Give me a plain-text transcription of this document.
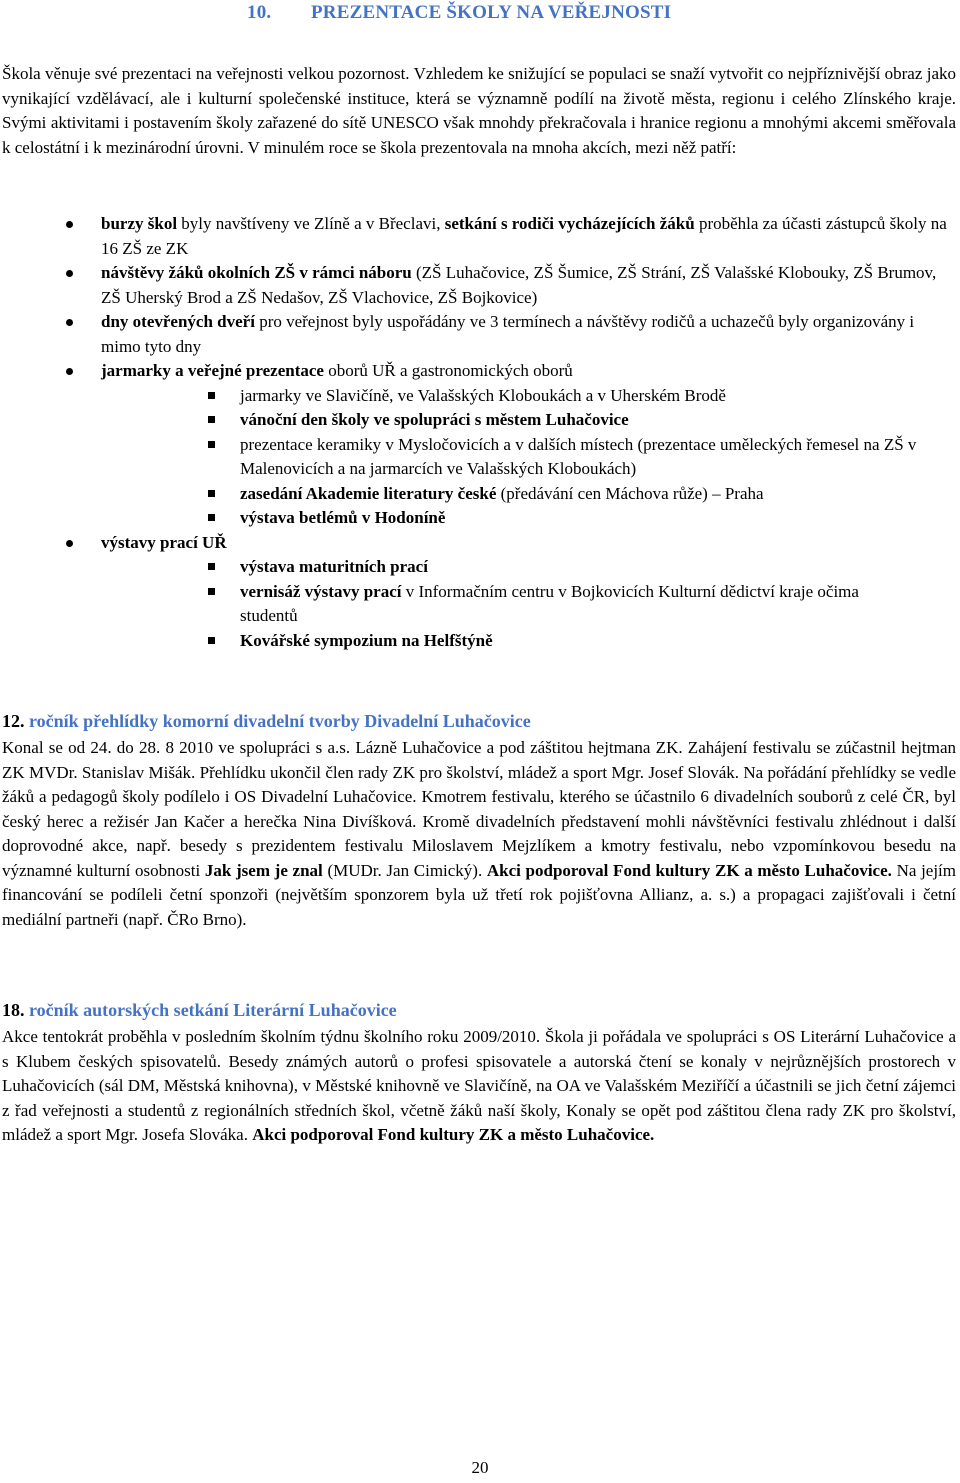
10. PREZENTACE ŠKOLY NA VEŘEJNOSTI
Škola věnuje své prezentaci na veřejnosti velkou pozornost. Vzhledem ke snižující se populaci se snaží vytvořit co nejpříznivější obraz jako vynikající vzdělávací, ale i kulturní společenské instituce, která se významně podílí na životě města, regionu i celého Zlínského kraje. Svými aktivitami i postavením školy zařazené do sítě UNESCO však mnohdy překračovala i hranice regionu a mnohými akcemi směřovala k celostátní i k mezinárodní úrovni. V minulém roce se škola prezentovala na mnoha akcích, mezi něž patří:
burzy škol byly navštíveny ve Zlíně a v Břeclavi, setkání s rodiči vycházejících žáků proběhla za účasti zástupců školy na 16 ZŠ ze ZK
návštěvy žáků okolních ZŠ v rámci náboru (ZŠ Luhačovice, ZŠ Šumice, ZŠ Strání, ZŠ Valašské Klobouky, ZŠ Brumov, ZŠ Uherský Brod a ZŠ Nedašov, ZŠ Vlachovice, ZŠ Bojkovice)
dny otevřených dveří pro veřejnost byly uspořádány ve 3 termínech a návštěvy rodičů a uchazečů byly organizovány i mimo tyto dny
jarmarky a veřejné prezentace oborů UŘ a gastronomických oborů
jarmarky ve Slavičíně, ve Valašských Kloboukách a v Uherském Brodě
vánoční den školy ve spolupráci s městem Luhačovice
prezentace keramiky v Mysločovicích a v dalších místech (prezentace uměleckých řemesel na ZŠ v Malenovicích a na jarmarcích ve Valašských Kloboukách)
zasedání Akademie literatury české (předávání cen Máchova růže) – Praha
výstava betlémů v Hodoníně
výstavy prací UŘ
výstava maturitních prací
vernisáž výstavy prací v Informačním centru v Bojkovicích Kulturní dědictví kraje očima studentů
Kovářské sympozium na Helfštýně
12. ročník přehlídky komorní divadelní tvorby Divadelní Luhačovice
Konal se od 24. do 28. 8 2010 ve spolupráci s a.s. Lázně Luhačovice a pod záštitou hejtmana ZK. Zahájení festivalu se zúčastnil hejtman ZK MVDr. Stanislav Mišák. Přehlídku ukončil člen rady ZK pro školství, mládež a sport Mgr. Josef Slovák. Na pořádání přehlídky se vedle žáků a pedagogů školy podílelo i OS Divadelní Luhačovice. Kmotrem festivalu, kterého se účastnilo 6 divadelních souborů z celé ČR, byl český herec a režisér Jan Kačer a herečka Nina Divíšková. Kromě divadelních představení mohli návštěvníci festivalu zhlédnout i další doprovodné akce, např. besedy s prezidentem festivalu Miloslavem Mejzlíkem a kmotry festivalu, nebo vzpomínkovou besedu na významné kulturní osobnosti Jak jsem je znal (MUDr. Jan Cimický). Akci podporoval Fond kultury ZK a město Luhačovice. Na jejím financování se podíleli četní sponzoři (největším sponzorem byla už třetí rok pojišťovna Allianz, a. s.) a propagaci zajišťovali i četní mediální partneři (např. ČRo Brno).
18. ročník autorských setkání Literární Luhačovice
Akce tentokrát proběhla v posledním školním týdnu školního roku 2009/2010. Škola ji pořádala ve spolupráci s OS Literární Luhačovice a s Klubem českých spisovatelů. Besedy známých autorů o profesi spisovatele a autorská čtení se konaly v nejrůznějších prostorech v Luhačovicích (sál DM, Městská knihovna), v Městské knihovně ve Slavičíně, na OA ve Valašském Meziříčí a účastnili se jich četní zájemci z řad veřejnosti a studentů z regionálních středních škol, včetně žáků naší školy, Konaly se opět pod záštitou člena rady ZK pro školství, mládež a sport Mgr. Josefa Slováka. Akci podporoval Fond kultury ZK a město Luhačovice.
20
